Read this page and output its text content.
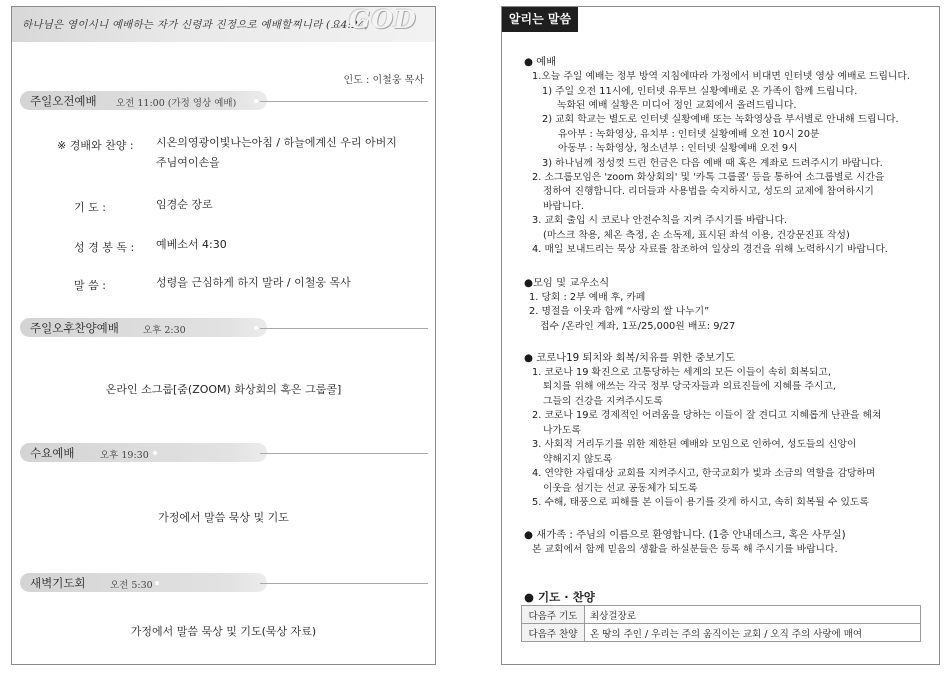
하나님은 영이시니 예배하는 자가 신령과 진정으로 예배할찌니라 (요4:24)
GOD
인도 : 이철웅 목사
주일오전예배 오전 11:00 (가정 영상 예배)
※ 경배와 찬양 : 시온의영광이빛나는아침 / 하늘에계신 우리 아버지
주님여이손을
기 도 :	임경순 장로
성 경 봉 독 : 예베소서 4:30
말 씀 :	성령을 근심하게 하지 말라 / 이철웅 목사
주일오후찬양예배	오후 2:30
온라인 소그룹[줌(ZOOM) 화상회의 혹은 그룹콜]
수요예배	오후 19:30
가정에서 말씀 묵상 및 기도
새벽기도회	오전 5:30
가정에서 말씀 묵상 및 기도(묵상 자료)
알리는 말씀
● 예배
1.오늘 주일 예배는 정부 방역 지침에따라 가정에서 비대면 인터넷 영상 예배로 드립니다.
1) 주일 오전 11시에, 인터넷 유투브 실황예배로 온 가족이 함께 드립니다.
녹화된 예배 실황은 미디어 정인 교회에서 올려드립니다.
2) 교회 학교는 별도로 인터넷 실황예배 또는 녹화영상을 부서별로 안내해 드립니다.
유아부 : 녹화영상, 유치부 : 인터넷 실황예배 오전 10시 20분
아동부 : 녹화영상, 청소년부 : 인터넷 실황예배 오전 9시
3) 하나님께 정성껏 드린 헌금은 다음 예배 때 혹은 계좌로 드려주시기 바랍니다.
2. 소그룹모임은 'zoom 화상회의' 및 '카톡 그룹콜' 등을 통하여 소그룹별로 시간을
정하여 진행합니다. 리더들과 사용법을 숙지하시고, 성도의 교제에 참여하시기
바랍니다.
3. 교회 출입 시 코로나 안전수칙을 지켜 주시기를 바랍니다.
(마스크 착용, 체온 측정, 손 소독제, 표시된 좌석 이용, 건강문진표 작성)
4. 매일 보내드리는 묵상 자료를 참조하여 일상의 경건을 위해 노력하시기 바랍니다.
●모임 및 교우소식
1. 당회 : 2부 예배 후, 카페
2. 명절을 이웃과 함께 “사랑의 쌀 나누기”
접수 /온라인 계좌, 1포/25,000원 배포: 9/27
● 코로나19 퇴치와 회복/치유를 위한 중보기도
1. 코로나 19 확진으로 고통당하는 세계의 모든 이들이 속히 회복되고,
퇴치를 위해 애쓰는 각국 정부 당국자들과 의료진들에 지혜를 주시고,
그들의 건강을 지켜주시도록
2. 코로나 19로 경제적인 어려움을 당하는 이들이 잘 견디고 지혜롭게 난관을 헤쳐
나가도록
3. 사회적 거리두기를 위한 제한된 예배와 모임으로 인하여, 성도들의 신앙이
약해지지 않도록
4. 연약한 자립대상 교회를 지켜주시고, 한국교회가 빛과 소금의 역할을 감당하며
이웃을 섬기는 선교 공동체가 되도록
5. 수해, 태풍으로 피해를 본 이들이 용기를 갖게 하시고, 속히 회복될 수 있도록
● 새가족 : 주님의 이름으로 환영합니다. (1층 안내데스크, 혹은 사무실)
본 교회에서 함께 믿음의 생활을 하실분들은 등록 해 주시기를 바랍니다.
● 기도 · 찬양
다음주 기도	최상걸장로
다음주 찬양	온 땅의 주인 / 우리는 주의 움직이는 교회 / 오직 주의 사랑에 매여
